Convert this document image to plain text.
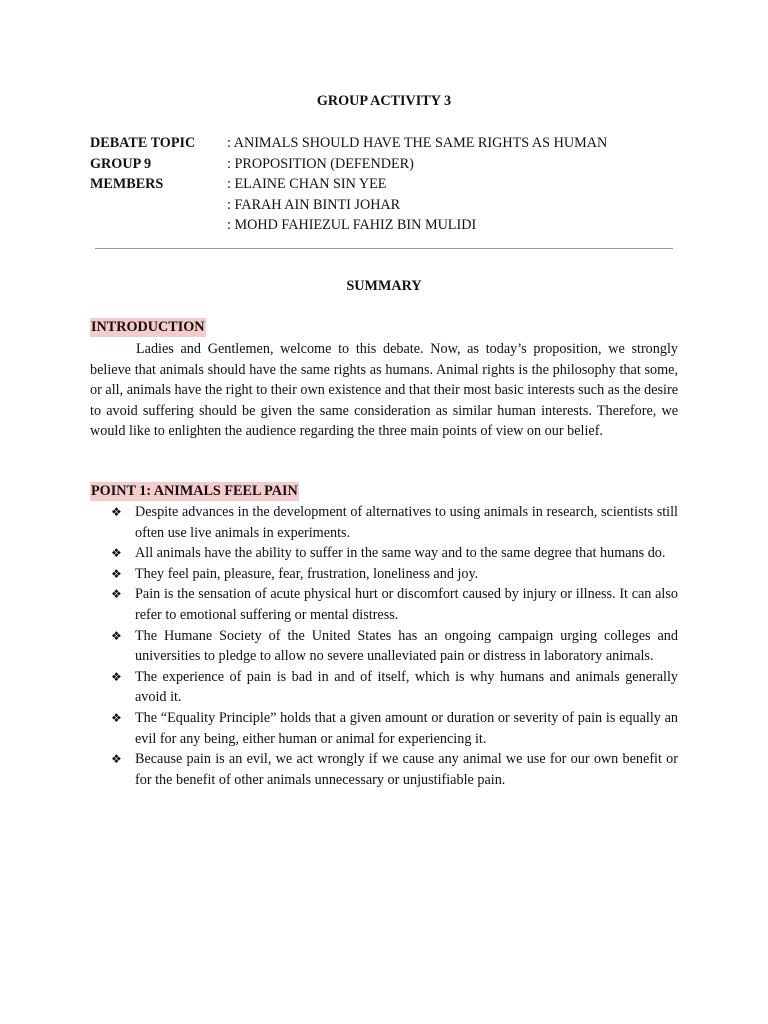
GROUP ACTIVITY 3
DEBATE TOPIC	: ANIMALS SHOULD HAVE THE SAME RIGHTS AS HUMAN
GROUP 9	: PROPOSITION (DEFENDER)
MEMBERS	: ELAINE CHAN SIN YEE
: FARAH AIN BINTI JOHAR
: MOHD FAHIEZUL FAHIZ BIN MULIDI
SUMMARY
INTRODUCTION

Ladies and Gentlemen, welcome to this debate. Now, as today’s proposition, we strongly believe that animals should have the same rights as humans. Animal rights is the philosophy that some, or all, animals have the right to their own existence and that their most basic interests such as the desire to avoid suffering should be given the same consideration as similar human interests. Therefore, we would like to enlighten the audience regarding the three main points of view on our belief.

POINT 1: ANIMALS FEEL PAIN
❖ Despite advances in the development of alternatives to using animals in research, scientists still often use live animals in experiments.
❖ All animals have the ability to suffer in the same way and to the same degree that humans do.
❖ They feel pain, pleasure, fear, frustration, loneliness and joy.
❖ Pain is the sensation of acute physical hurt or discomfort caused by injury or illness. It can also refer to emotional suffering or mental distress.
❖ The Humane Society of the United States has an ongoing campaign urging colleges and universities to pledge to allow no severe unalleviated pain or distress in laboratory animals.
❖ The experience of pain is bad in and of itself, which is why humans and animals generally avoid it.
❖ The “Equality Principle” holds that a given amount or duration or severity of pain is equally an evil for any being, either human or animal for experiencing it.
❖ Because pain is an evil, we act wrongly if we cause any animal we use for our own benefit or for the benefit of other animals unnecessary or unjustifiable pain.
